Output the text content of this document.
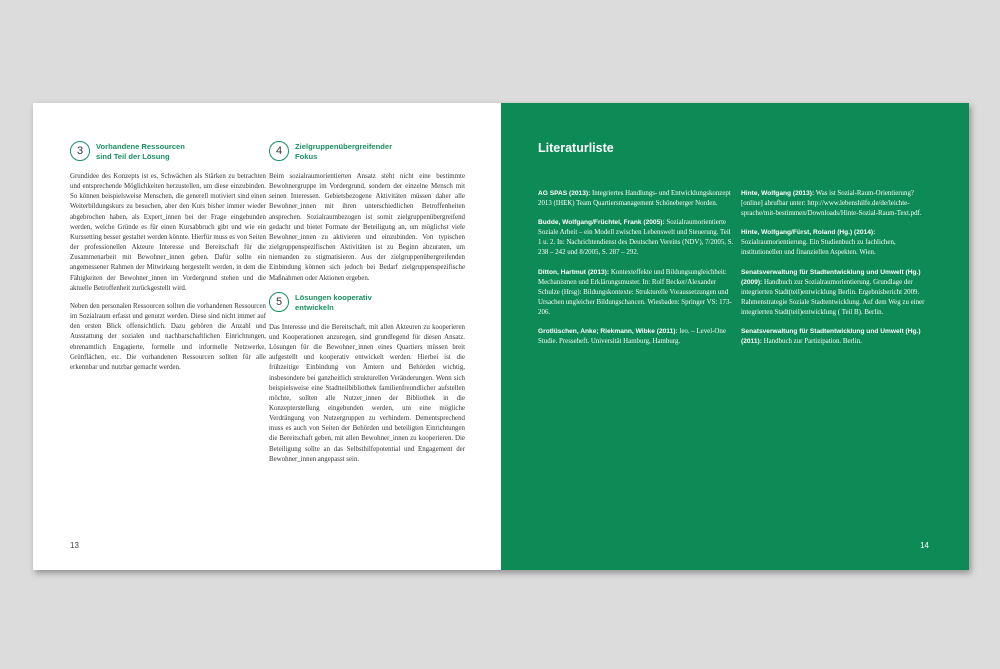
3	Vorhandene Ressourcen
sind Teil der Lösung

Grundidee des Konzepts ist es, Schwächen als Stärken zu betrachten und entsprechende Möglichkeiten herzustellen, um diese einzubinden. So können beispielsweise Menschen, die generell motiviert sind einen Weiterbildungskurs zu besuchen, aber den Kurs bisher immer wieder abgebrochen haben, als Expert_innen bei der Frage eingebunden werden, welche Gründe es für einen Kursabbruch gibt und wie ein Kurssetting besser gestaltet werden könnte. Hierfür muss es von Seiten der professionellen Akteure Interesse und Bereitschaft für die Zusammenarbeit mit Bewohner_innen geben. Dafür sollte ein angemessener Rahmen der Mitwirkung hergestellt werden, in dem die Fähigkeiten der Bewohner_innen im Vordergrund stehen und die aktuelle Betroffenheit zurückgestellt wird.

Neben den personalen Ressourcen sollten die vorhandenen Ressourcen im Sozialraum erfasst und genutzt werden. Diese sind nicht immer auf den ersten Blick offensichtlich. Dazu gehören die Anzahl und Ausstattung der sozialen und nachbarschaftlichen Einrichtungen, ehrenamtlich Engagierte, formelle und informelle Netzwerke, Grünflächen, etc. Die vorhandenen Ressourcen sollten für alle erkennbar und nutzbar gemacht werden.

4	Zielgruppenübergreifender
Fokus

Beim sozialraumorientierten Ansatz steht nicht eine bestimmte Bewohnergruppe im Vordergrund, sondern der einzelne Mensch mit seinen Interessen. Gebietsbezogene Aktivitäten müssen daher alle Bewohner_innen mit ihren unterschiedlichen Betroffenheiten ansprechen. Sozialraumbezogen ist somit zielgruppenübergreifend gedacht und bietet Formate der Beteiligung an, um möglichst viele Bewohner_innen zu aktivieren und einzubinden. Von typischen zielgruppenspezifischen Aktivitäten ist zu Beginn abzuraten, um niemanden zu stigmatisieren. Aus der zielgruppenübergreifenden Einbindung können sich jedoch bei Bedarf zielgruppenspezifische Maßnahmen oder Aktionen ergeben.

5	Lösungen kooperativ
entwickeln

Das Interesse und die Bereitschaft, mit allen Akteuren zu kooperieren und Kooperationen anzuregen, sind grundlegend für diesen Ansatz. Lösungen für die Bewohner_innen eines Quartiers müssen breit aufgestellt und kooperativ entwickelt werden. Hierbei ist die frühzeitige Einbindung von Ämtern und Behörden wichtig, insbesondere bei ganzheitlich strukturellen Veränderungen. Wenn sich beispielsweise eine Stadtteilbibliothek familienfreundlicher aufstellen möchte, sollten alle Nutzer_innen der Bibliothek in die Konzepterstellung eingebunden werden, um eine mögliche Verdrängung von Nutzergruppen zu verhindern. Dementsprechend muss es auch von Seiten der Behörden und beteiligten Einrichtungen die Bereitschaft geben, mit allen Bewohner_innen zu kooperieren. Die Beteiligung sollte an das Selbsthilfepotential und Engagement der Bewohner_innen angepasst sein.

13
Literaturliste
AG SPAS (2013): Integriertes Handlungs- und Entwicklungskonzept 2013 (IHEK) Team Quartiersmanagement Schöneberger Norden.
Budde, Wolfgang/Früchtel, Frank (2005): Sozialraumorientierte Soziale Arbeit – ein Modell zwischen Lebenswelt und Steuerung. Teil 1 u. 2. In: Nachrichtendienst des Deutschen Vereins (NDV), 7/2005, S. 238 – 242 und 8/2005, S. 287 – 292.
Ditton, Hartmut (2013): Kontexteffekte und Bildungsungleichheit: Mechanismen und Erklärungsmuster. In: Rolf Becker/Alexander Schulze (Hrsg): Bildungskontexte: Strukturelle Voraussetzungen und Ursachen ungleicher Bildungschancen. Wiesbaden: Springer VS: 173-206.
Grotlüschen, Anke; Riekmann, Wibke (2011): leo. – Level-One Studie. Presseheft. Universität Hamburg, Hamburg.
Hinte, Wolfgang (2013): Was ist Sozial-Raum-Orientierung? [online] abrufbar unter: http://www.lebenshilfe.de/de/leichte-sprache/mit-bestimmen/Downloads/Hinte-Sozial-Raum-Text.pdf.
Hinte, Wolfgang/Fürst, Roland (Hg.) (2014): Sozialraumorientierung. Ein Studienbuch zu fachlichen, institutionellen und finanziellen Aspekten. Wien.
Senatsverwaltung für Stadtentwicklung und Umwelt (Hg.) (2009): Handbuch zur Sozialraumorientierung. Grundlage der integrierten Stadt(teil)entwicklung Berlin. Ergebnisbericht 2009. Rahmenstrategie Soziale Stadtentwicklung. Auf dem Weg zu einer integrierten Stadt(teil)entwicklung ( Teil B). Berlin.
Senatsverwaltung für Stadtentwicklung und Umwelt (Hg.) (2011): Handbuch zur Partizipation. Berlin.
14
